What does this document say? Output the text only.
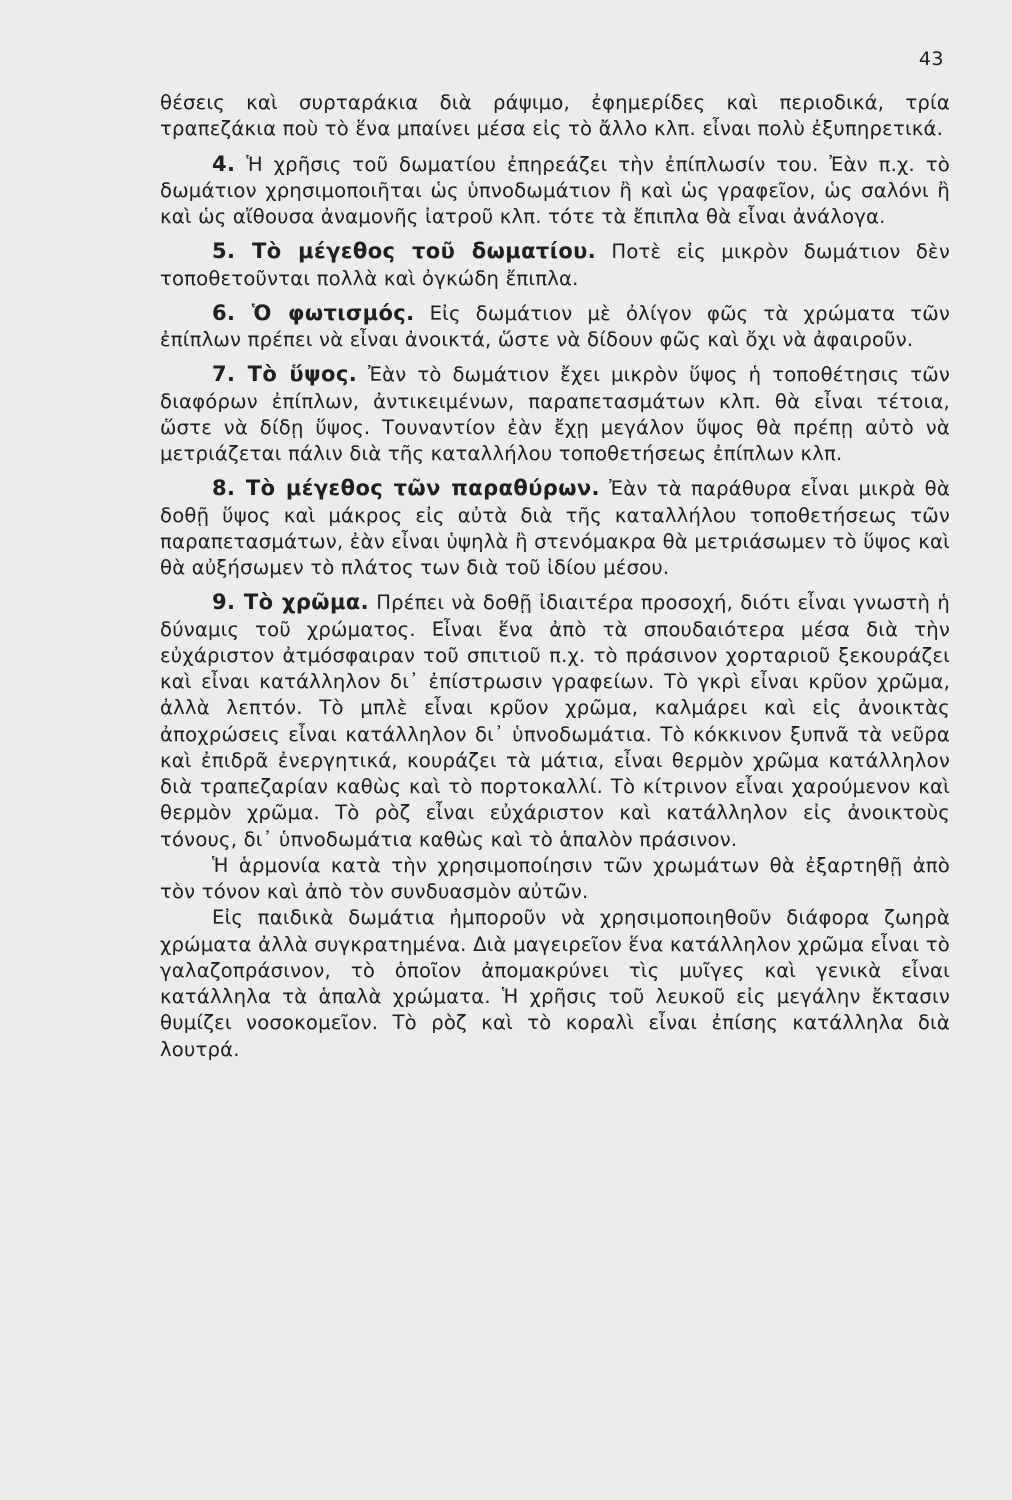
43

θέσεις καὶ συρταράκια διὰ ράψιμο, ἐφημερίδες καὶ περιοδικά, τρία τραπεζάκια ποὺ τὸ ἕνα μπαίνει μέσα εἰς τὸ ἄλλο κλπ. εἶναι πολὺ ἐξυπηρετικά.

4. Ἡ χρῆσις τοῦ δωματίου ἐπηρεάζει τὴν ἐπίπλωσίν του. Ἐὰν π.χ. τὸ δωμάτιον χρησιμοποιῆται ὡς ὑπνοδωμάτιον ἢ καὶ ὡς γραφεῖον, ὡς σαλόνι ἢ καὶ ὡς αἴθουσα ἀναμονῆς ἰατροῦ κλπ. τότε τὰ ἔπιπλα θὰ εἶναι ἀνάλογα.

5. Τὸ μέγεθος τοῦ δωματίου. Ποτὲ εἰς μικρὸν δωμάτιον δὲν τοποθετοῦνται πολλὰ καὶ ὀγκώδη ἔπιπλα.

6. Ὁ φωτισμός. Εἰς δωμάτιον μὲ ὀλίγον φῶς τὰ χρώματα τῶν ἐπίπλων πρέπει νὰ εἶναι ἀνοικτά, ὥστε νὰ δίδουν φῶς καὶ ὄχι νὰ ἀφαιροῦν.

7. Τὸ ὕψος. Ἐὰν τὸ δωμάτιον ἔχει μικρὸν ὕψος ἡ τοποθέτησις τῶν διαφόρων ἐπίπλων, ἀντικειμένων, παραπετασμάτων κλπ. θὰ εἶναι τέτοια, ὥστε νὰ δίδῃ ὕψος. Τουναντίον ἐὰν ἔχῃ μεγάλον ὕψος θὰ πρέπῃ αὐτὸ νὰ μετριάζεται πάλιν διὰ τῆς καταλλήλου τοποθετήσεως ἐπίπλων κλπ.

8. Τὸ μέγεθος τῶν παραθύρων. Ἐὰν τὰ παράθυρα εἶναι μικρὰ θὰ δοθῇ ὕψος καὶ μάκρος εἰς αὐτὰ διὰ τῆς καταλλήλου τοποθετήσεως τῶν παραπετασμάτων, ἐὰν εἶναι ὑψηλὰ ἢ στενόμακρα θὰ μετριάσωμεν τὸ ὕψος καὶ θὰ αὐξήσωμεν τὸ πλάτος των διὰ τοῦ ἰδίου μέσου.

9. Τὸ χρῶμα. Πρέπει νὰ δοθῇ ἰδιαιτέρα προσοχή, διότι εἶναι γνωστὴ ἡ δύναμις τοῦ χρώματος. Εἶναι ἕνα ἀπὸ τὰ σπουδαιότερα μέσα διὰ τὴν εὐχάριστον ἀτμόσφαιραν τοῦ σπιτιοῦ π.χ. τὸ πράσινον χορταριοῦ ξεκουράζει καὶ εἶναι κατάλληλον δι᾿ ἐπίστρωσιν γραφείων. Τὸ γκρὶ εἶναι κρῦον χρῶμα, ἀλλὰ λεπτόν. Τὸ μπλὲ εἶναι κρῦον χρῶμα, καλμάρει καὶ εἰς ἀνοικτὰς ἀποχρώσεις εἶναι κατάλληλον δι᾿ ὑπνοδωμάτια. Τὸ κόκκινον ξυπνᾶ τὰ νεῦρα καὶ ἐπιδρᾶ ἐνεργητικά, κουράζει τὰ μάτια, εἶναι θερμὸν χρῶμα κατάλληλον διὰ τραπεζαρίαν καθὼς καὶ τὸ πορτοκαλλί. Τὸ κίτρινον εἶναι χαρούμενον καὶ θερμὸν χρῶμα. Τὸ ρὸζ εἶναι εὐχάριστον καὶ κατάλληλον εἰς ἀνοικτοὺς τόνους, δι᾿ ὑπνοδωμάτια καθὼς καὶ τὸ ἁπαλὸν πράσινον.

Ἡ ἁρμονία κατὰ τὴν χρησιμοποίησιν τῶν χρωμάτων θὰ ἐξαρτηθῇ ἀπὸ τὸν τόνον καὶ ἀπὸ τὸν συνδυασμὸν αὐτῶν.

Εἰς παιδικὰ δωμάτια ἠμποροῦν νὰ χρησιμοποιηθοῦν διάφορα ζωηρὰ χρώματα ἀλλὰ συγκρατημένα. Διὰ μαγειρεῖον ἕνα κατάλληλον χρῶμα εἶναι τὸ γαλαζοπράσινον, τὸ ὁποῖον ἀπομακρύνει τὶς μυῖγες καὶ γενικὰ εἶναι κατάλληλα τὰ ἁπαλὰ χρώματα. Ἡ χρῆσις τοῦ λευκοῦ εἰς μεγάλην ἔκτασιν θυμίζει νοσοκομεῖον. Τὸ ρὸζ καὶ τὸ κοραλὶ εἶναι ἐπίσης κατάλληλα διὰ λουτρά.
